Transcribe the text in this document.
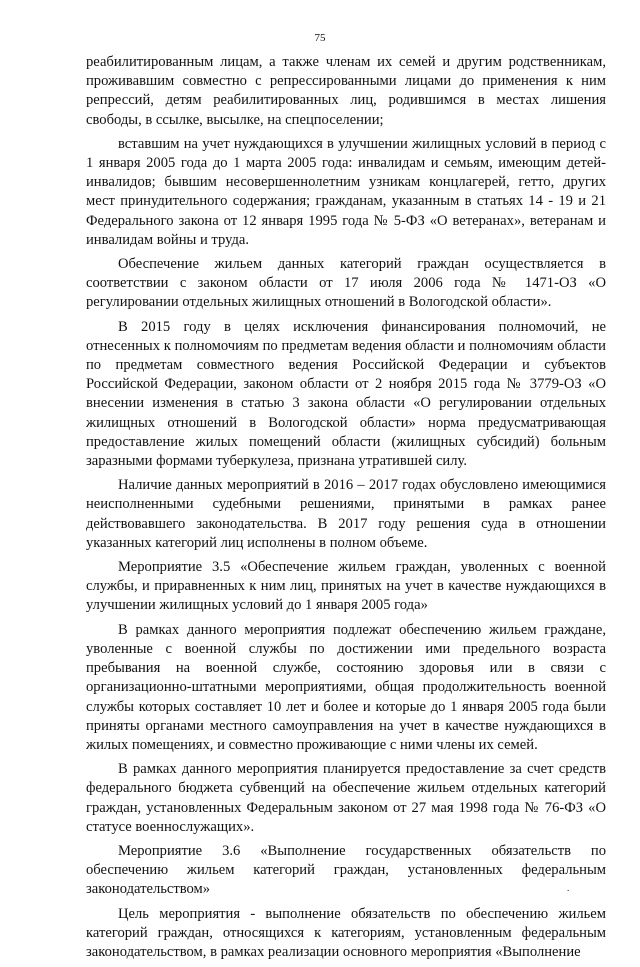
75

реабилитированным лицам, а также членам их семей и другим родственникам, проживавшим совместно с репрессированными лицами до применения к ним репрессий, детям реабилитированных лиц, родившимся в местах лишения свободы, в ссылке, высылке, на спецпоселении;

вставшим на учет нуждающихся в улучшении жилищных условий в период с 1 января 2005 года до 1 марта 2005 года: инвалидам и семьям, имеющим детей-инвалидов; бывшим несовершеннолетним узникам концлагерей, гетто, других мест принудительного содержания; гражданам, указанным в статьях 14 - 19 и 21 Федерального закона от 12 января 1995 года № 5-ФЗ «О ветеранах», ветеранам и инвалидам войны и труда.

Обеспечение жильем данных категорий граждан осуществляется в соответствии с законом области от 17 июля 2006 года № 1471-ОЗ «О регулировании отдельных жилищных отношений в Вологодской области».

В 2015 году в целях исключения финансирования полномочий, не отнесенных к полномочиям по предметам ведения области и полномочиям области по предметам совместного ведения Российской Федерации и субъектов Российской Федерации, законом области от 2 ноября 2015 года № 3779-ОЗ «О внесении изменения в статью 3 закона области «О регулировании отдельных жилищных отношений в Вологодской области» норма предусматривающая предоставление жилых помещений области (жилищных субсидий) больным заразными формами туберкулеза, признана утратившей силу.

Наличие данных мероприятий в 2016 – 2017 годах обусловлено имеющимися неисполненными судебными решениями, принятыми в рамках ранее действовавшего законодательства. В 2017 году решения суда в отношении указанных категорий лиц исполнены в полном объеме.

Мероприятие 3.5 «Обеспечение жильем граждан, уволенных с военной службы, и приравненных к ним лиц, принятых на учет в качестве нуждающихся в улучшении жилищных условий до 1 января 2005 года»

В рамках данного мероприятия подлежат обеспечению жильем граждане, уволенные с военной службы по достижении ими предельного возраста пребывания на военной службе, состоянию здоровья или в связи с организационно-штатными мероприятиями, общая продолжительность военной службы которых составляет 10 лет и более и которые до 1 января 2005 года были приняты органами местного самоуправления на учет в качестве нуждающихся в жилых помещениях, и совместно проживающие с ними члены их семей.

В рамках данного мероприятия планируется предоставление за счет средств федерального бюджета субвенций на обеспечение жильем отдельных категорий граждан, установленных Федеральным законом от 27 мая 1998 года № 76-ФЗ «О статусе военнослужащих».

Мероприятие 3.6 «Выполнение государственных обязательств по обеспечению жильем категорий граждан, установленных федеральным законодательством»

Цель мероприятия - выполнение обязательств по обеспечению жильем категорий граждан, относящихся к категориям, установленным федеральным законодательством, в рамках реализации основного мероприятия «Выполнение

.
